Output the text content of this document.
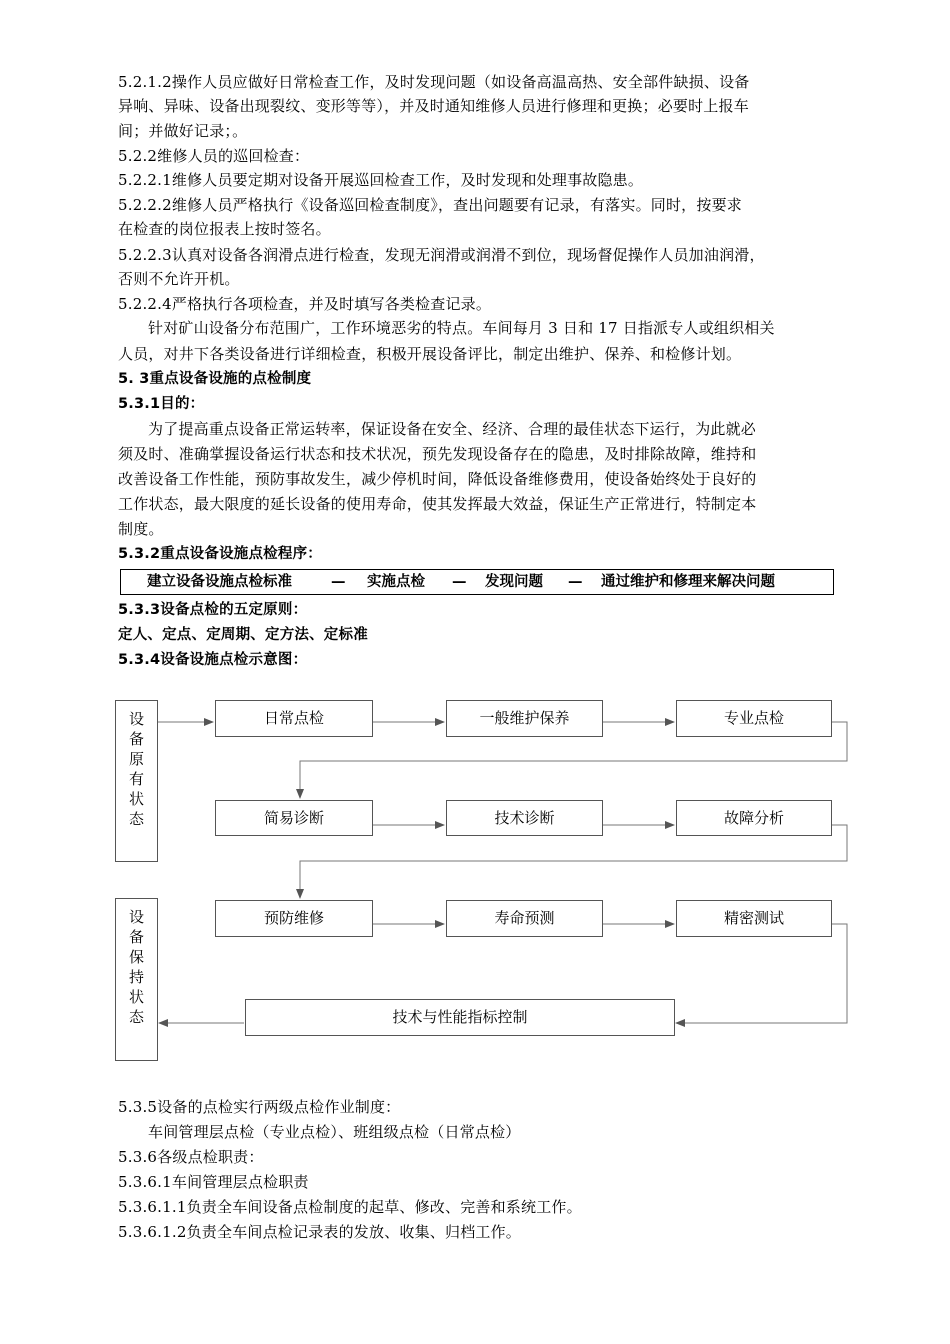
5.2.1.2操作人员应做好日常检查工作，及时发现问题（如设备高温高热、安全部件缺损、设备
异响、异味、设备出现裂纹、变形等等），并及时通知维修人员进行修理和更换；必要时上报车
间；并做好记录；。
5.2.2维修人员的巡回检查：
5.2.2.1维修人员要定期对设备开展巡回检查工作，及时发现和处理事故隐患。
5.2.2.2维修人员严格执行《设备巡回检查制度》，查出问题要有记录，有落实。同时，按要求
在检查的岗位报表上按时签名。
5.2.2.3认真对设备各润滑点进行检查，发现无润滑或润滑不到位，现场督促操作人员加油润滑，
否则不允许开机。
5.2.2.4严格执行各项检查，并及时填写各类检查记录。
针对矿山设备分布范围广，工作环境恶劣的特点。车间每月 3 日和 17 日指派专人或组织相关
人员，对井下各类设备进行详细检查，积极开展设备评比，制定出维护、保养、和检修计划。
5. 3重点设备设施的点检制度
5.3.1目的：
为了提高重点设备正常运转率，保证设备在安全、经济、合理的最佳状态下运行，为此就必
须及时、准确掌握设备运行状态和技术状况，预先发现设备存在的隐患，及时排除故障，维持和
改善设备工作性能，预防事故发生，减少停机时间，降低设备维修费用，使设备始终处于良好的
工作状态，最大限度的延长设备的使用寿命，使其发挥最大效益，保证生产正常进行，特制定本
制度。
5.3.2重点设备设施点检程序：
建立设备设施点检标准	— 实施点检 — 发现问题 — 通过维护和修理来解决问题
5.3.3设备点检的五定原则：
定人、定点、定周期、定方法、定标准
5.3.4设备设施点检示意图：
设
备
原
有
状
态
设
备
保
持
状
态
日常点检	一般维护保养	专业点检
简易诊断	技术诊断	故障分析
预防维修	寿命预测	精密测试
技术与性能指标控制
5.3.5设备的点检实行两级点检作业制度：
车间管理层点检（专业点检）、班组级点检（日常点检）
5.3.6各级点检职责：
5.3.6.1车间管理层点检职责
5.3.6.1.1负责全车间设备点检制度的起草、修改、完善和系统工作。
5.3.6.1.2负责全车间点检记录表的发放、收集、归档工作。
